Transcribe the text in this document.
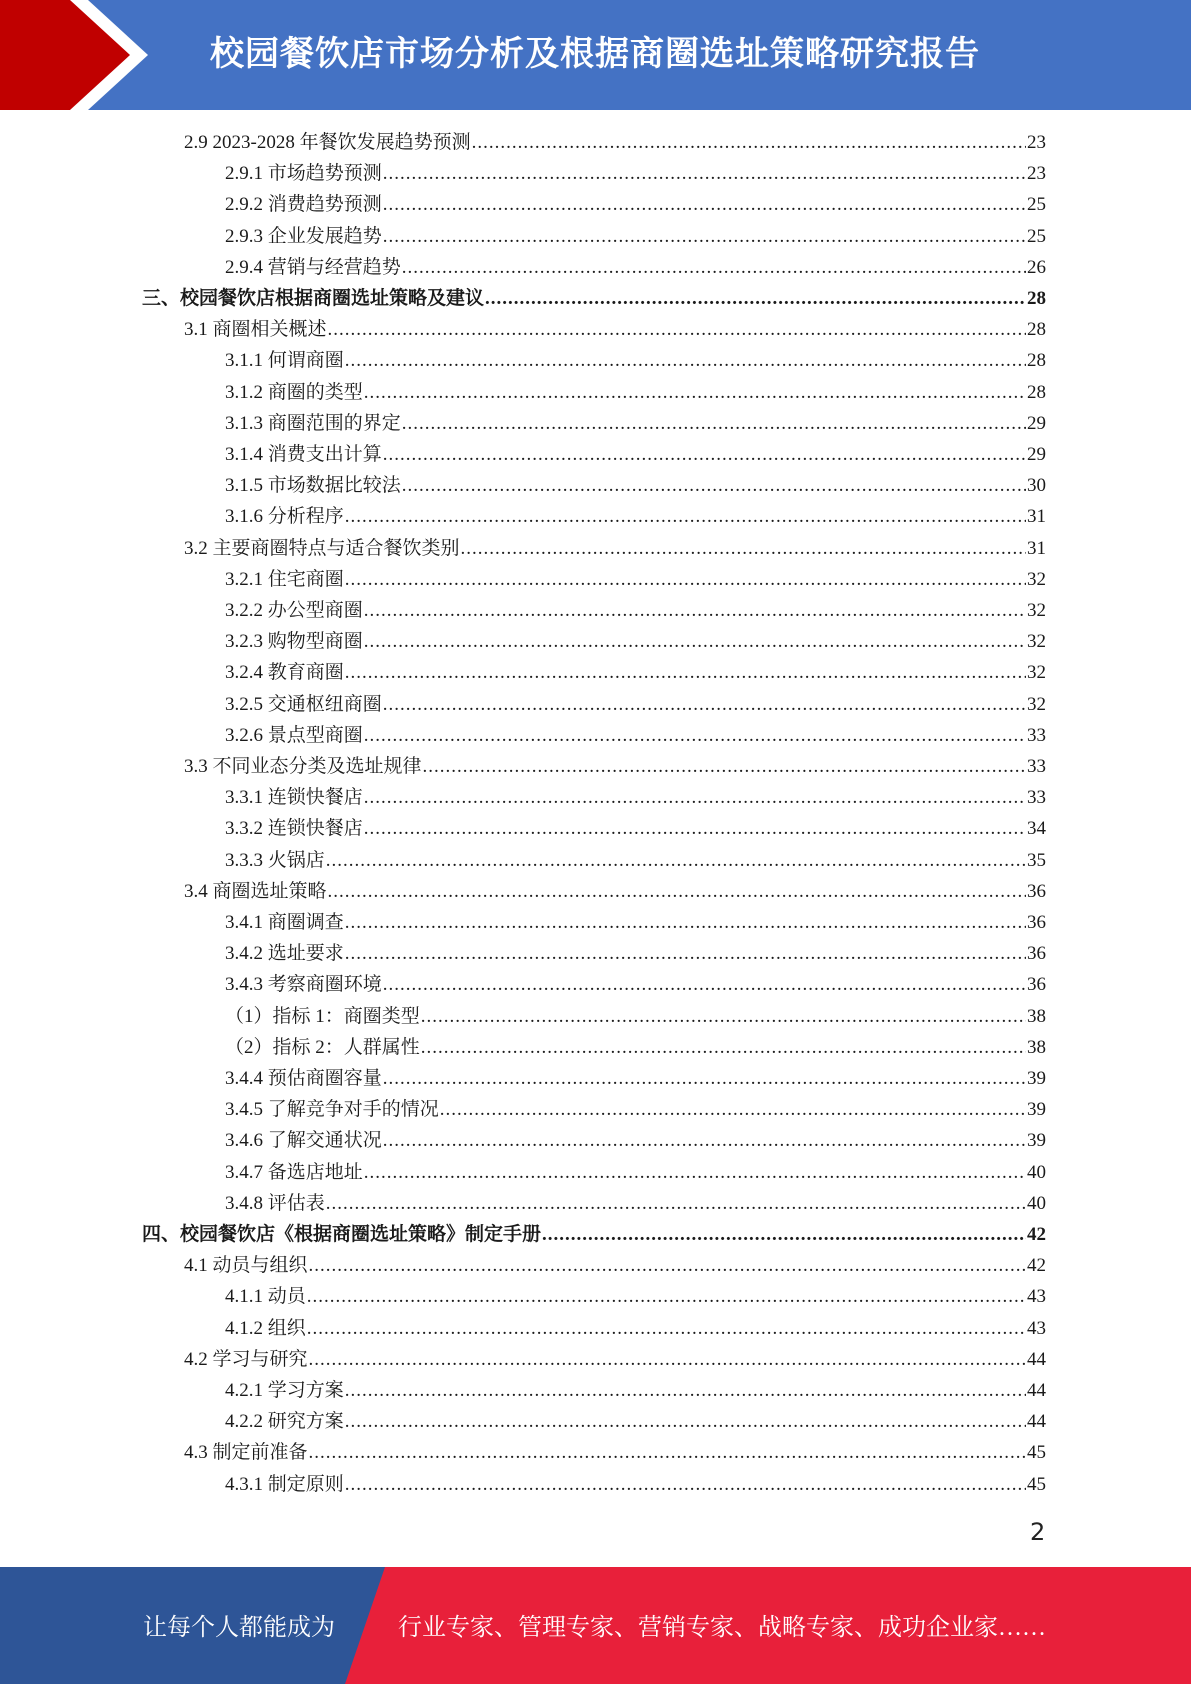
校园餐饮店市场分析及根据商圈选址策略研究报告
2.9 2023-2028 年餐饮发展趋势预测 .....	23
2.9.1 市场趋势预测 .....	23
2.9.2 消费趋势预测 .....	25
2.9.3 企业发展趋势 .....	25
2.9.4 营销与经营趋势 .....	26
三、校园餐饮店根据商圈选址策略及建议 .....	28
3.1 商圈相关概述 .....	28
3.1.1 何谓商圈 .....	28
3.1.2 商圈的类型 .....	28
3.1.3 商圈范围的界定 .....	29
3.1.4 消费支出计算 .....	29
3.1.5 市场数据比较法 .....	30
3.1.6 分析程序 .....	31
3.2 主要商圈特点与适合餐饮类别 .....	31
3.2.1 住宅商圈 .....	32
3.2.2 办公型商圈 .....	32
3.2.3 购物型商圈 .....	32
3.2.4 教育商圈 .....	32
3.2.5 交通枢纽商圈 .....	32
3.2.6 景点型商圈 .....	33
3.3 不同业态分类及选址规律 .....	33
3.3.1 连锁快餐店 .....	33
3.3.2 连锁快餐店 .....	34
3.3.3 火锅店 .....	35
3.4 商圈选址策略 .....	36
3.4.1 商圈调查 .....	36
3.4.2 选址要求 .....	36
3.4.3 考察商圈环境 .....	36
（1）指标 1：商圈类型 .....	38
（2）指标 2：人群属性 .....	38
3.4.4 预估商圈容量 .....	39
3.4.5 了解竞争对手的情况 .....	39
3.4.6 了解交通状况 .....	39
3.4.7 备选店地址 .....	40
3.4.8 评估表 .....	40
四、校园餐饮店《根据商圈选址策略》制定手册 .....	42
4.1 动员与组织 .....	42
4.1.1 动员 .....	43
4.1.2 组织 .....	43
4.2 学习与研究 .....	44
4.2.1 学习方案 .....	44
4.2.2 研究方案 .....	44
4.3 制定前准备 .....	45
4.3.1 制定原则 .....	45
2
让每个人都能成为	行业专家、管理专家、营销专家、战略专家、成功企业家……
